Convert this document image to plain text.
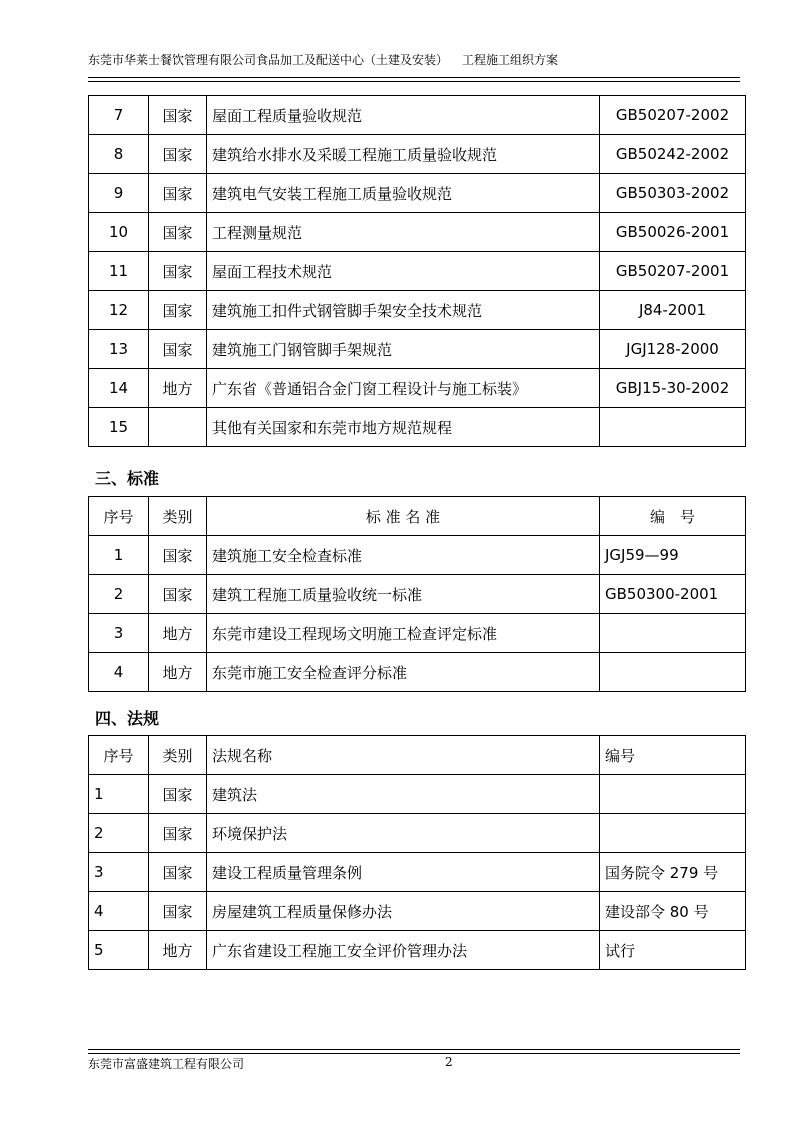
东莞市华莱士餐饮管理有限公司食品加工及配送中心（土建及安装） 工程施工组织方案
7	国家	屋面工程质量验收规范	GB50207-2002
8	国家	建筑给水排水及采暖工程施工质量验收规范	GB50242-2002
9	国家	建筑电气安装工程施工质量验收规范	GB50303-2002
10	国家	工程测量规范	GB50026-2001
11	国家	屋面工程技术规范	GB50207-2001
12	国家	建筑施工扣件式钢管脚手架安全技术规范	J84-2001
13	国家	建筑施工门钢管脚手架规范	JGJ128-2000
14	地方	广东省《普通铝合金门窗工程设计与施工标装》	GBJ15-30-2002
15		其他有关国家和东莞市地方规范规程	
三、标准
序号	类别	标 准 名 准	编　号
1	国家	建筑施工安全检查标准	JGJ59—99
2	国家	建筑工程施工质量验收统一标准	GB50300-2001
3	地方	东莞市建设工程现场文明施工检查评定标准	
4	地方	东莞市施工安全检查评分标准	
四、法规
序号	类别	法规名称	编号
1	国家	建筑法	
2	国家	环境保护法	
3	国家	建设工程质量管理条例	国务院令 279 号
4	国家	房屋建筑工程质量保修办法	建设部令 80 号
5	地方	广东省建设工程施工安全评价管理办法	试行
东莞市富盛建筑工程有限公司	2
